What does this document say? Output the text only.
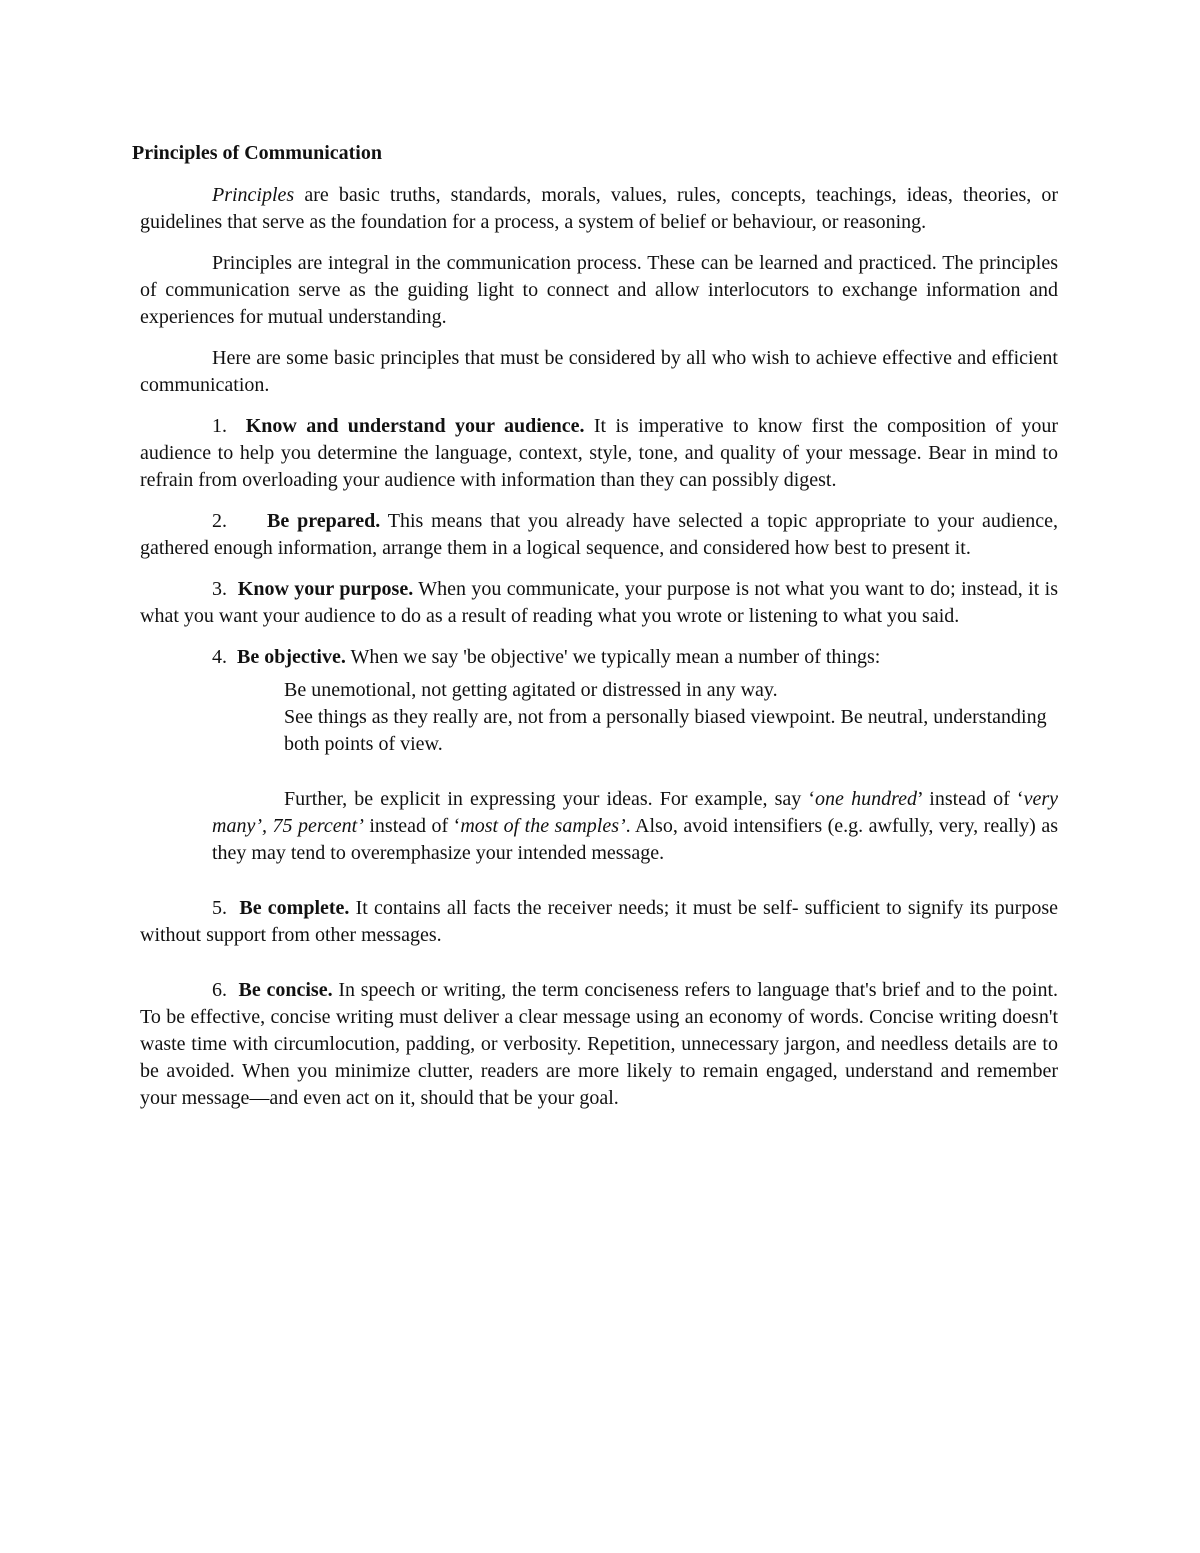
Principles of Communication

Principles are basic truths, standards, morals, values, rules, concepts, teachings, ideas, theories, or guidelines that serve as the foundation for a process, a system of belief or behaviour, or reasoning.

Principles are integral in the communication process. These can be learned and practiced. The principles of communication serve as the guiding light to connect and allow interlocutors to exchange information and experiences for mutual understanding.

Here are some basic principles that must be considered by all who wish to achieve effective and efficient communication.

1. Know and understand your audience. It is imperative to know first the composition of your audience to help you determine the language, context, style, tone, and quality of your message. Bear in mind to refrain from overloading your audience with information than they can possibly digest.

2. Be prepared. This means that you already have selected a topic appropriate to your audience, gathered enough information, arrange them in a logical sequence, and considered how best to present it.

3. Know your purpose. When you communicate, your purpose is not what you want to do; instead, it is what you want your audience to do as a result of reading what you wrote or listening to what you said.

4. Be objective. When we say 'be objective' we typically mean a number of things:

Be unemotional, not getting agitated or distressed in any way.
See things as they really are, not from a personally biased viewpoint. Be neutral, understanding both points of view.

Further, be explicit in expressing your ideas. For example, say ‘one hundred’ instead of ‘very many’, 75 percent’ instead of ‘most of the samples’. Also, avoid intensifiers (e.g. awfully, very, really) as they may tend to overemphasize your intended message.

5. Be complete. It contains all facts the receiver needs; it must be self- sufficient to signify its purpose without support from other messages.

6. Be concise. In speech or writing, the term conciseness refers to language that's brief and to the point. To be effective, concise writing must deliver a clear message using an economy of words. Concise writing doesn't waste time with circumlocution, padding, or verbosity. Repetition, unnecessary jargon, and needless details are to be avoided. When you minimize clutter, readers are more likely to remain engaged, understand and remember your message—and even act on it, should that be your goal.
